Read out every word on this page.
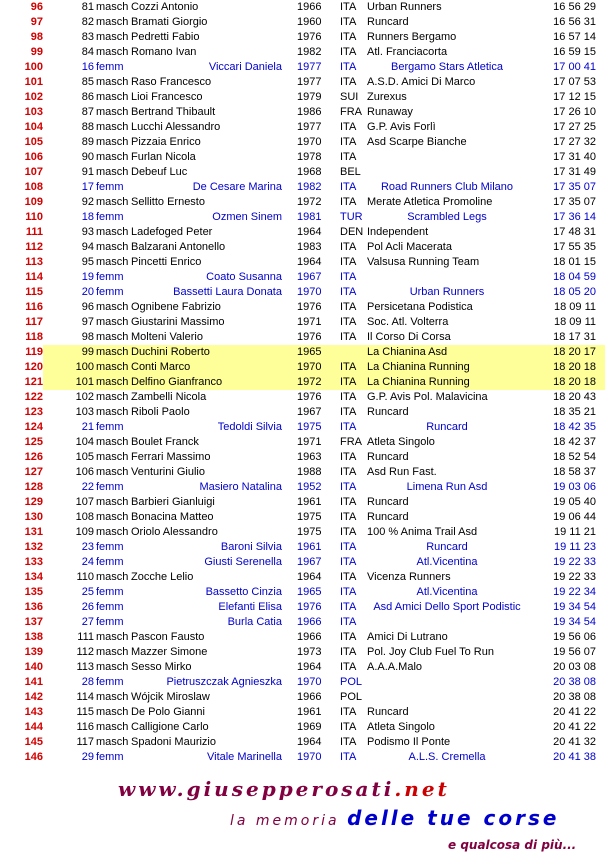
96	81 masch Cozzi Antonio	1966	ITA Urban Runners	16 56 29
97	82 masch Bramati Giorgio	1960	ITA Runcard	16 56 31
98	83 masch Pedretti Fabio	1976	ITA Runners Bergamo	16 57 14
99	84 masch Romano Ivan	1982	ITA Atl. Franciacorta	16 59 15
100	16 femm	Viccari Daniela 1977	ITA	Bergamo Stars Atletica	17 00 41
101	85 masch Raso Francesco	1977	ITA A.S.D. Amici Di Marco	17 07 53
102	86 masch Lioi Francesco	1979	SUI Zurexus	17 12 15
103	87 masch Bertrand Thibault	1986	FRA Runaway	17 26 10
104	88 masch Lucchi Alessandro	1977	ITA G.P. Avis Forlì	17 27 25
105	89 masch Pizzaia Enrico	1970	ITA Asd Scarpe Bianche	17 27 32
106	90 masch Furlan Nicola	1978	ITA	17 31 40
107	91 masch Debeuf Luc	1968	BEL	17 31 49
108	17 femm	De Cesare Marina 1982	ITA	Road Runners Club Milano	17 35 07
109	92 masch Sellitto Ernesto	1972	ITA Merate Atletica Promoline	17 35 07
110	18 femm	Ozmen Sinem 1981	TUR	Scrambled Legs	17 36 14
111	93 masch Ladefoged Peter	1964	DEN Independent	17 48 31
112	94 masch Balzarani Antonello	1983	ITA Pol Acli Macerata	17 55 35
113	95 masch Pincetti Enrico	1964	ITA Valsusa Running Team	18 01 15
114	19 femm	Coato Susanna 1967	ITA	18 04 59
115	20 femm	Bassetti Laura Donata 1970	ITA	Urban Runners	18 05 20
116	96 masch Ognibene Fabrizio	1976	ITA Persicetana Podistica	18 09 11
117	97 masch Giustarini Massimo	1971	ITA Soc. Atl. Volterra	18 09 11
118	98 masch Molteni Valerio	1976	ITA Il Corso Di Corsa	18 17 31
119	99 masch Duchini Roberto	1965	La Chianina Asd	18 20 17
120	100 masch Conti Marco	1970	ITA La Chianina Running	18 20 18
121	101 masch Delfino Gianfranco	1972	ITA La Chianina Running	18 20 18
122	102 masch Zambelli Nicola	1976	ITA G.P. Avis Pol. Malavicina	18 20 43
123	103 masch Riboli Paolo	1967	ITA Runcard	18 35 21
124	21 femm	Tedoldi Silvia 1975	ITA	Runcard	18 42 35
125	104 masch Boulet Franck	1971	FRA Atleta Singolo	18 42 37
126	105 masch Ferrari Massimo	1963	ITA Runcard	18 52 54
127	106 masch Venturini Giulio	1988	ITA Asd Run Fast.	18 58 37
128	22 femm	Masiero Natalina 1952	ITA	Limena Run Asd	19 03 06
129	107 masch Barbieri Gianluigi	1961	ITA Runcard	19 05 40
130	108 masch Bonacina Matteo	1975	ITA Runcard	19 06 44
131	109 masch Oriolo Alessandro	1975	ITA 100 % Anima Trail Asd	19 11 21
132	23 femm	Baroni Silvia 1961	ITA	Runcard	19 11 23
133	24 femm	Giusti Serenella 1967	ITA	Atl.Vicentina	19 22 33
134	110 masch Zocche Lelio	1964	ITA Vicenza Runners	19 22 33
135	25 femm	Bassetto Cinzia 1965	ITA	Atl.Vicentina	19 22 34
136	26 femm	Elefanti Elisa 1976	ITA	Asd Amici Dello Sport Podistic	19 34 54
137	27 femm	Burla Catia 1966	ITA	19 34 54
138	111 masch Pascon Fausto	1966	ITA Amici Di Lutrano	19 56 06
139	112 masch Mazzer Simone	1973	ITA Pol. Joy Club Fuel To Run	19 56 07
140	113 masch Sesso Mirko	1964	ITA A.A.A.Malo	20 03 08
141	28 femm	Pietruszczak Agnieszka 1970	POL	20 38 08
142	114 masch Wójcik Miroslaw	1966	POL	20 38 08
143	115 masch De Polo Gianni	1961	ITA Runcard	20 41 22
144	116 masch Calligione Carlo	1969	ITA Atleta Singolo	20 41 22
145	117 masch Spadoni Maurizio	1964	ITA Podismo Il Ponte	20 41 32
146	29 femm	Vitale Marinella 1970	ITA	A.L.S. Cremella	20 41 38
www.giusepperosati.net
la memoria delle tue corse
e qualcosa di più...
